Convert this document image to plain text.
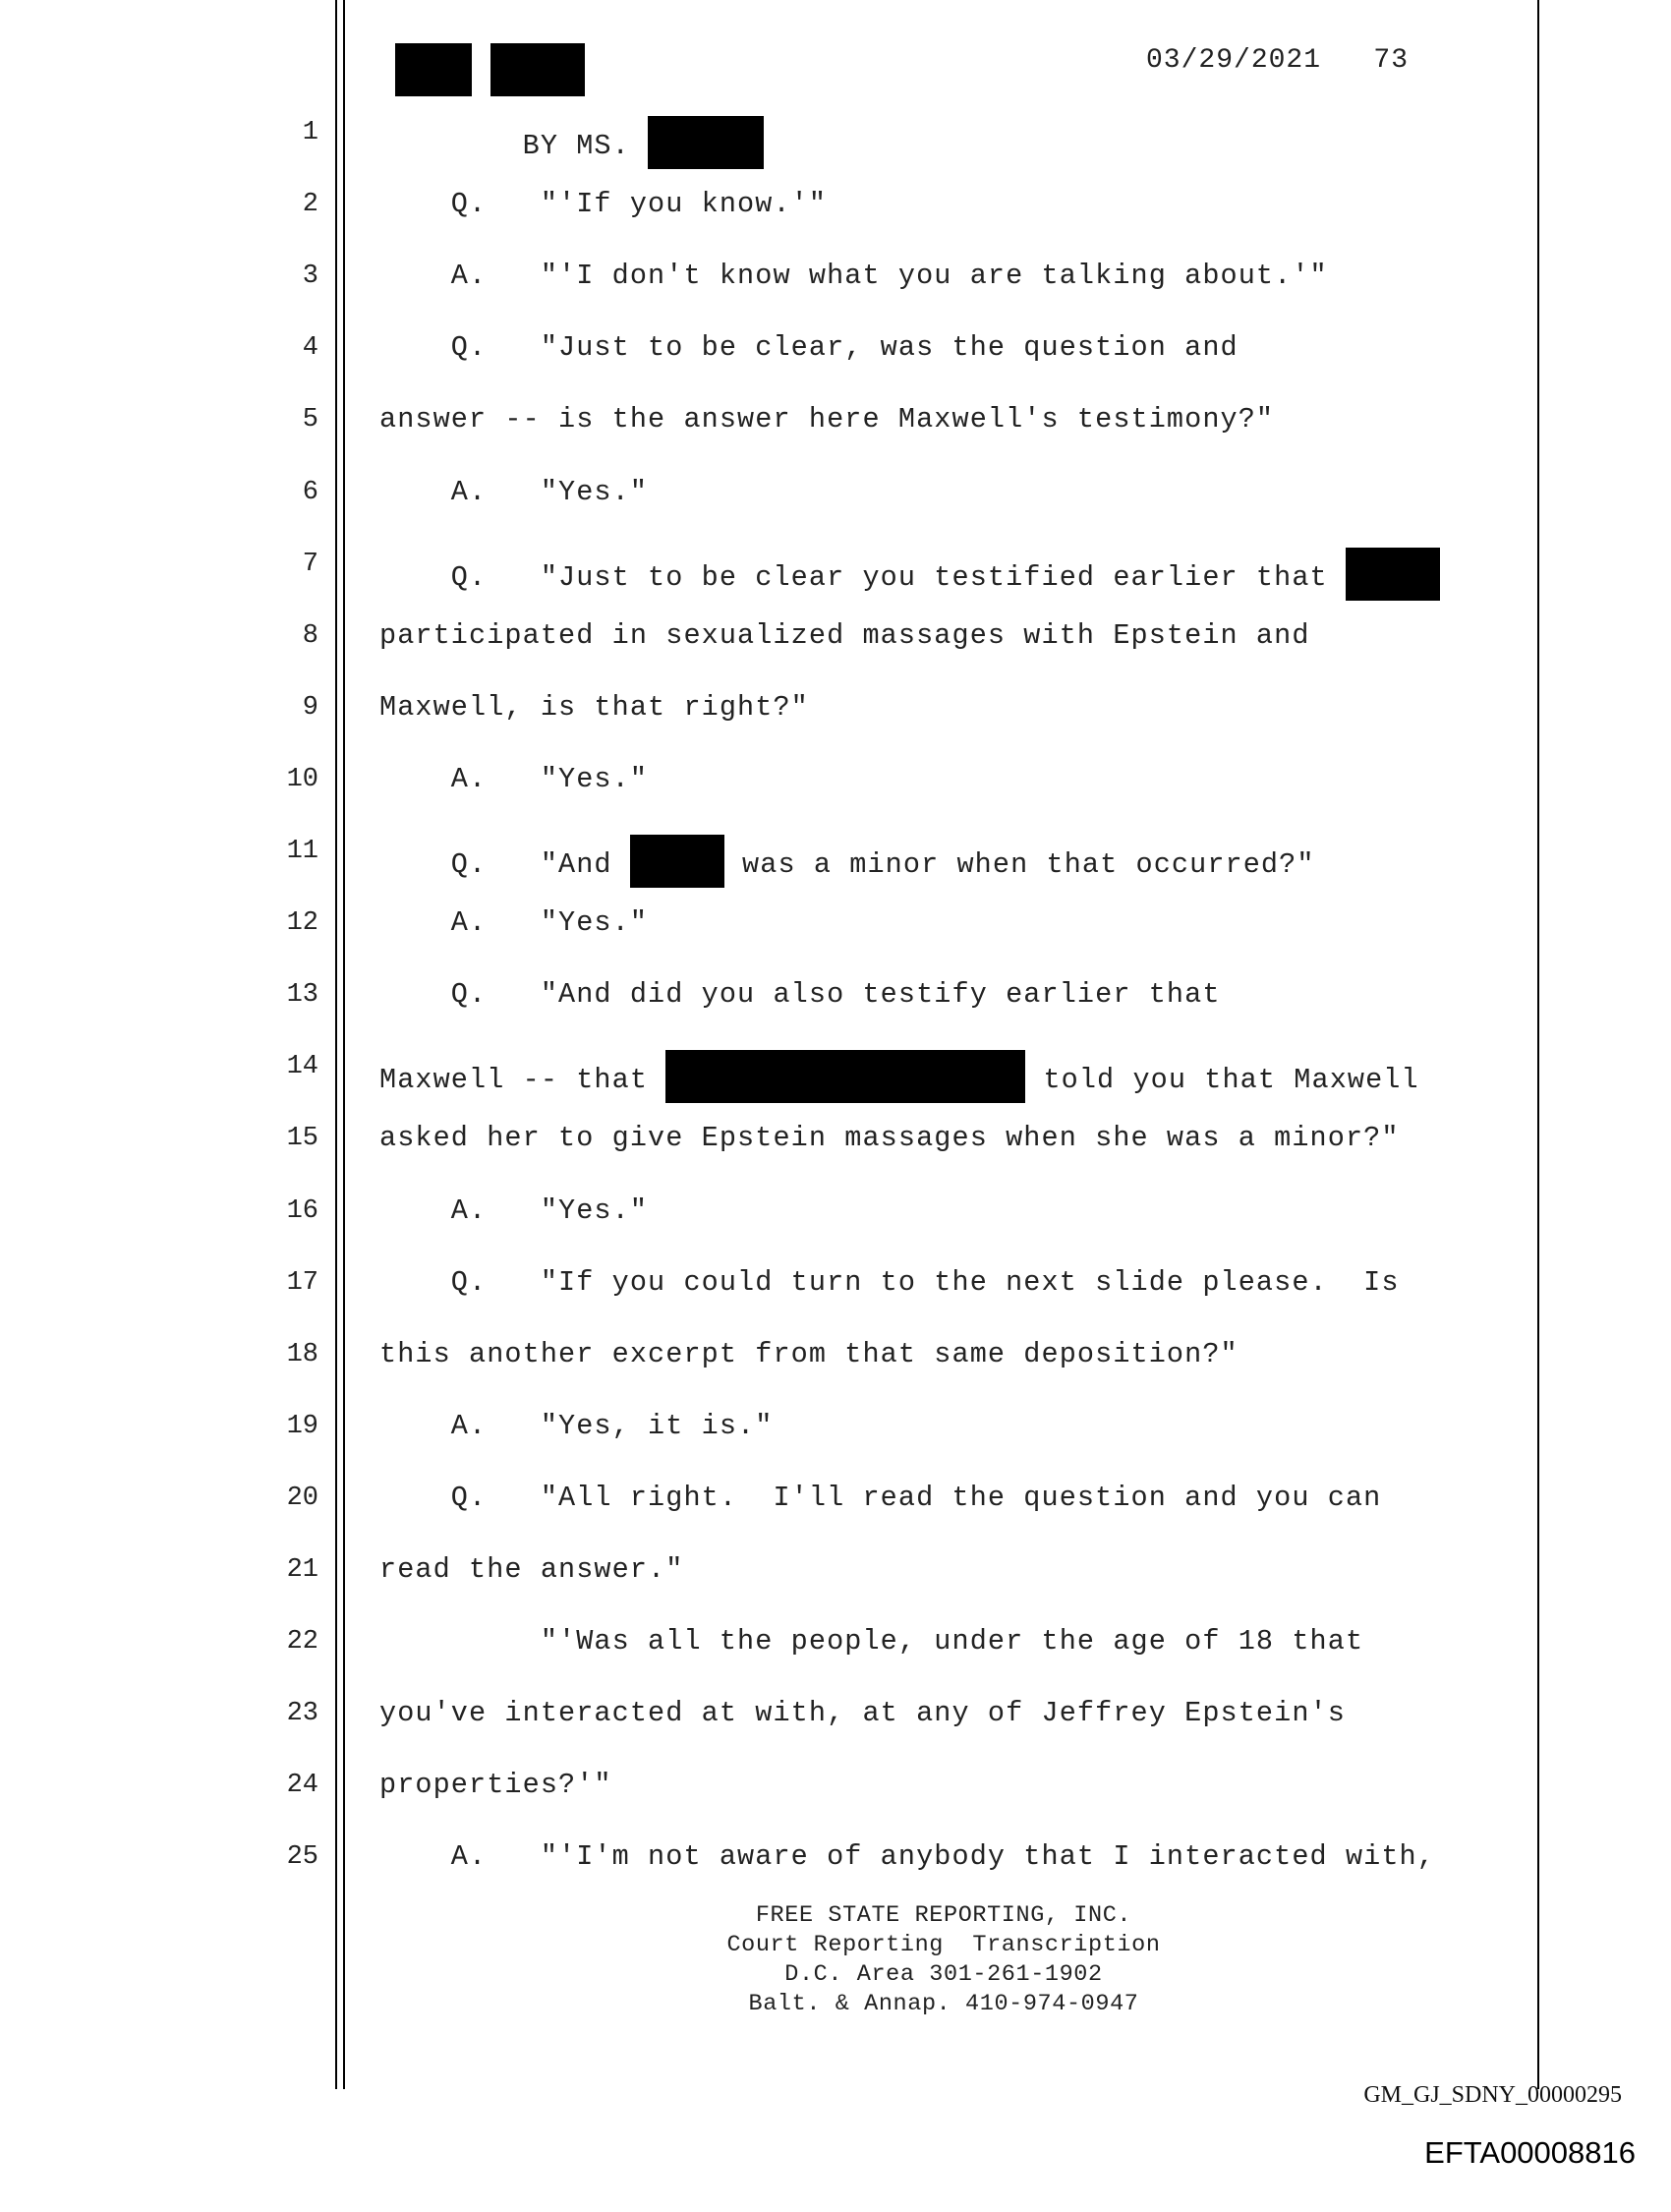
03/29/2021   73
1 BY MS.
2 Q.   "'If you know.'"
3 A.   "'I don't know what you are talking about.'"
4 Q.   "Just to be clear, was the question and
5 answer -- is the answer here Maxwell's testimony?"
6 A.   "Yes."
7 Q.   "Just to be clear you testified earlier that
8 participated in sexualized massages with Epstein and
9 Maxwell, is that right?"
10 A.   "Yes."
11 Q.   "And	was a minor when that occurred?"
12 A.   "Yes."
13 Q.   "And did you also testify earlier that
14 Maxwell -- that	told you that Maxwell
15 asked her to give Epstein massages when she was a minor?"
16 A.   "Yes."
17 Q.   "If you could turn to the next slide please.  Is
18 this another excerpt from that same deposition?"
19 A.   "Yes, it is."
20 Q.   "All right.  I'll read the question and you can
21 read the answer."
22 "'Was all the people, under the age of 18 that
23 you've interacted at with, at any of Jeffrey Epstein's
24 properties?'"
25 A.   "'I'm not aware of anybody that I interacted with,
FREE STATE REPORTING, INC.
Court Reporting  Transcription
D.C. Area 301-261-1902
Balt. & Annap. 410-974-0947
GM_GJ_SDNY_00000295
EFTA00008816
